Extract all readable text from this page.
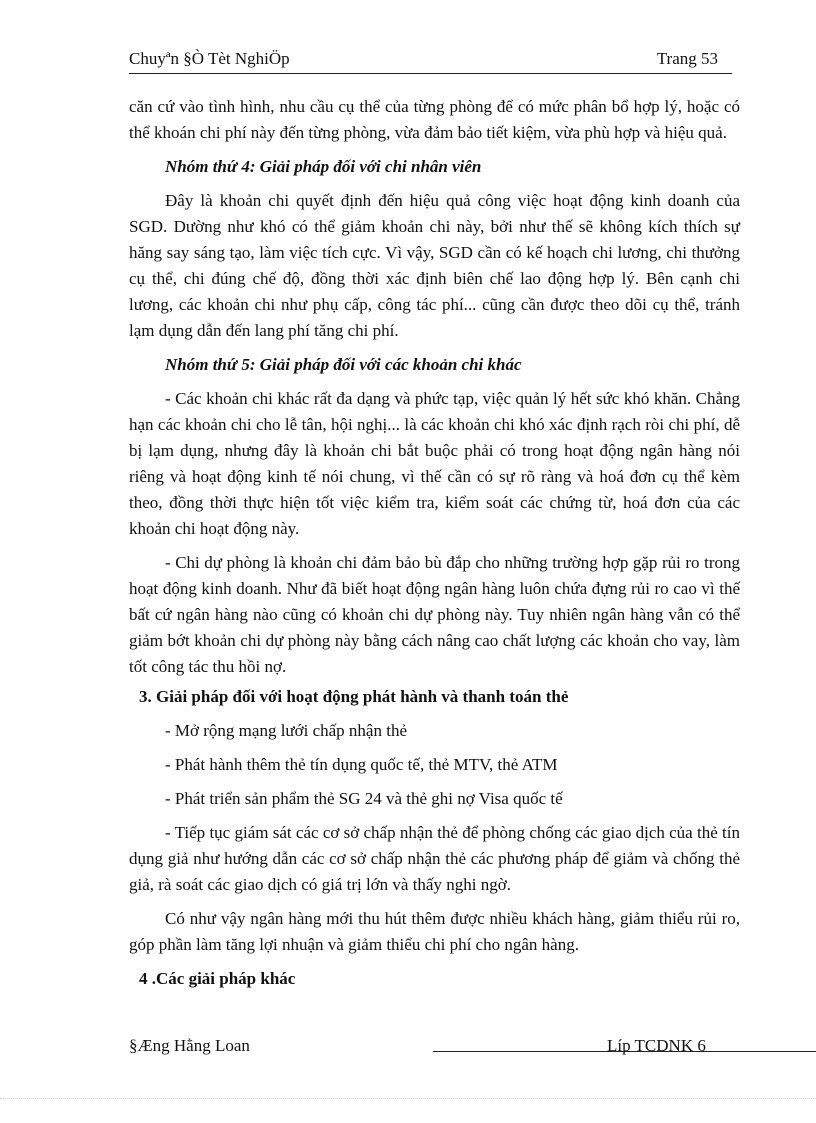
Chuyªn §Ò Tèt NghiÖp	Trang 53

căn cứ vào tình hình, nhu cầu cụ thể của từng phòng để có mức phân bổ hợp lý, hoặc có thể khoán chi phí này đến từng phòng, vừa đảm bảo tiết kiệm, vừa phù hợp và hiệu quả.

Nhóm thứ 4: Giải pháp đối với chi nhân viên

Đây là khoản chi quyết định đến hiệu quả công việc hoạt động kinh doanh của SGD. Dường như khó có thể giảm khoản chi này, bởi như thế sẽ không kích thích sự hăng say sáng tạo, làm việc tích cực. Vì vậy, SGD cần có kế hoạch chi lương, chi thưởng cụ thể, chi đúng chế độ, đồng thời xác định biên chế lao động hợp lý. Bên cạnh chi lương, các khoản chi như phụ cấp, công tác phí... cũng cần được theo dõi cụ thể, tránh lạm dụng dẫn đến lang phí tăng chi phí.

Nhóm thứ 5: Giải pháp đối với các khoản chi khác

- Các khoản chi khác rất đa dạng và phức tạp, việc quản lý hết sức khó khăn. Chẳng hạn các khoản chi cho lễ tân, hội nghị... là các khoản chi khó xác định rạch ròi chi phí, dễ bị lạm dụng, nhưng đây là khoản chi bắt buộc phải có trong hoạt động ngân hàng nói riêng và hoạt động kinh tế nói chung, vì thế cần có sự rõ ràng và hoá đơn cụ thể kèm theo, đồng thời thực hiện tốt việc kiểm tra, kiểm soát các chứng từ, hoá đơn của các khoản chi hoạt động này.

- Chi dự phòng là khoản chi đảm bảo bù đắp cho những trường hợp gặp rủi ro trong hoạt động kinh doanh. Như đã biết hoạt động ngân hàng luôn chứa đựng rủi ro cao vì thế bất cứ ngân hàng nào cũng có khoản chi dự phòng này. Tuy nhiên ngân hàng vẫn có thể giảm bớt khoản chi dự phòng này bằng cách nâng cao chất lượng các khoản cho vay, làm tốt công tác thu hồi nợ.

3. Giải pháp đối với hoạt động phát hành và thanh toán thẻ

- Mở rộng mạng lưới chấp nhận thẻ

- Phát hành thêm thẻ tín dụng quốc tế, thẻ MTV, thẻ ATM

- Phát triển sản phẩm thẻ SG 24 và thẻ ghi nợ Visa quốc tế

- Tiếp tục giám sát các cơ sở chấp nhận thẻ để phòng chống các giao dịch của thẻ tín dụng giả như hướng dẫn các cơ sở chấp nhận thẻ các phương pháp để giảm và chống thẻ giả, rà soát các giao dịch có giá trị lớn và thấy nghi ngờ.

Có như vậy ngân hàng mới thu hút thêm được nhiều khách hàng, giảm thiểu rủi ro, góp phần làm tăng lợi nhuận và giảm thiểu chi phí cho ngân hàng.

4 .Các giải pháp khác

§Æng Hằng Loan	Líp TCDNK 6
